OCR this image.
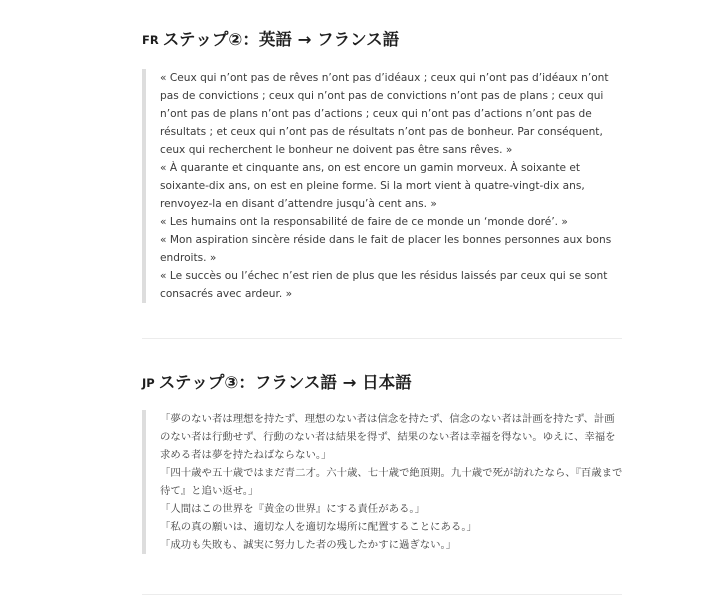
FR ステップ②：英語 → フランス語

« Ceux qui n’ont pas de rêves n’ont pas d’idéaux ; ceux qui n’ont pas d’idéaux n’ont pas de convictions ; ceux qui n’ont pas de convictions n’ont pas de plans ; ceux qui n’ont pas de plans n’ont pas d’actions ; ceux qui n’ont pas d’actions n’ont pas de résultats ; et ceux qui n’ont pas de résultats n’ont pas de bonheur. Par conséquent, ceux qui recherchent le bonheur ne doivent pas être sans rêves. »

« À quarante et cinquante ans, on est encore un gamin morveux. À soixante et soixante-dix ans, on est en pleine forme. Si la mort vient à quatre-vingt-dix ans, renvoyez-la en disant d’attendre jusqu’à cent ans. »

« Les humains ont la responsabilité de faire de ce monde un ‘monde doré’. »

« Mon aspiration sincère réside dans le fait de placer les bonnes personnes aux bons endroits. »

« Le succès ou l’échec n’est rien de plus que les résidus laissés par ceux qui se sont consacrés avec ardeur. »

JP ステップ③：フランス語 → 日本語

「夢のない者は理想を持たず、理想のない者は信念を持たず、信念のない者は計画を持たず、計画のない者は行動せず、行動のない者は結果を得ず、結果のない者は幸福を得ない。ゆえに、幸福を求める者は夢を持たねばならない。」

「四十歳や五十歳ではまだ青二才。六十歳、七十歳で絶頂期。九十歳で死が訪れたなら、『百歳まで待て』と追い返せ。」

「人間はこの世界を『黄金の世界』にする責任がある。」

「私の真の願いは、適切な人を適切な場所に配置することにある。」

「成功も失敗も、誠実に努力した者の残したかすに過ぎない。」
